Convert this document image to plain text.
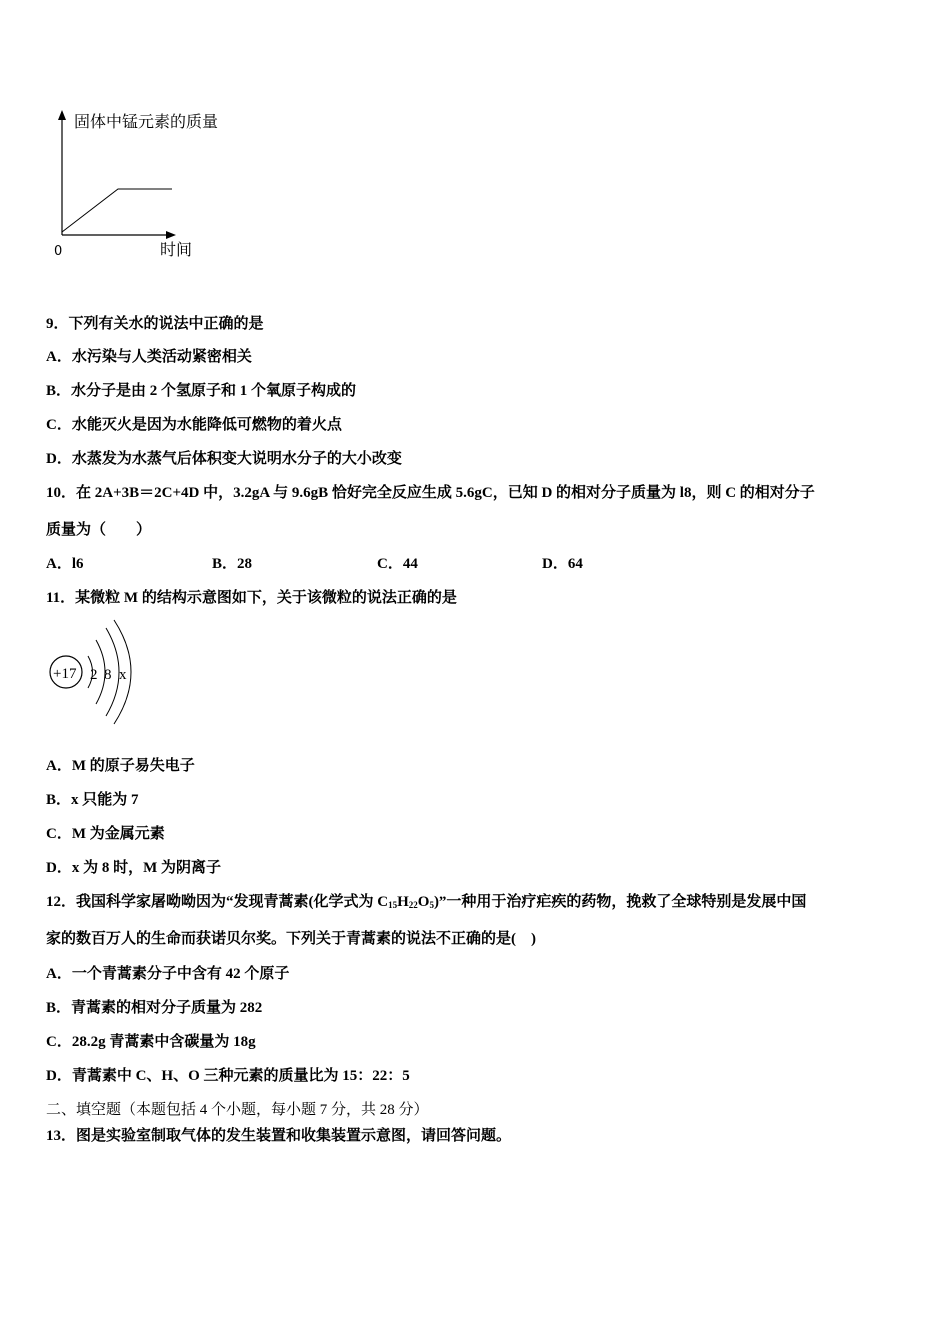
固体中锰元素的质量
0	时间
9．下列有关水的说法中正确的是
A．水污染与人类活动紧密相关
B．水分子是由 2 个氢原子和 1 个氧原子构成的
C．水能灭火是因为水能降低可燃物的着火点
D．水蒸发为水蒸气后体积变大说明水分子的大小改变
10．在 2A+3B＝2C+4D 中，3.2gA 与 9.6gB 恰好完全反应生成 5.6gC，已知 D 的相对分子质量为 l8，则 C 的相对分子
质量为（　　）
A．l6	B．28	C．44	D．64
11．某微粒 M 的结构示意图如下，关于该微粒的说法正确的是
+17 2 8 x
A．M 的原子易失电子
B．x 只能为 7
C．M 为金属元素
D．x 为 8 时，M 为阴离子
12．我国科学家屠呦呦因为“发现青蒿素(化学式为 $C_{15}H_{22}O_5$)”一种用于治疗疟疾的药物，挽救了全球特别是发展中国
家的数百万人的生命而获诺贝尔奖。下列关于青蒿素的说法不正确的是(　)
A．一个青蒿素分子中含有 42 个原子
B．青蒿素的相对分子质量为 282
C．28.2g 青蒿素中含碳量为 18g
D．青蒿素中 C、H、O 三种元素的质量比为 15：22：5
二、填空题（本题包括 4 个小题，每小题 7 分，共 28 分）
13．图是实验室制取气体的发生装置和收集装置示意图，请回答问题。
